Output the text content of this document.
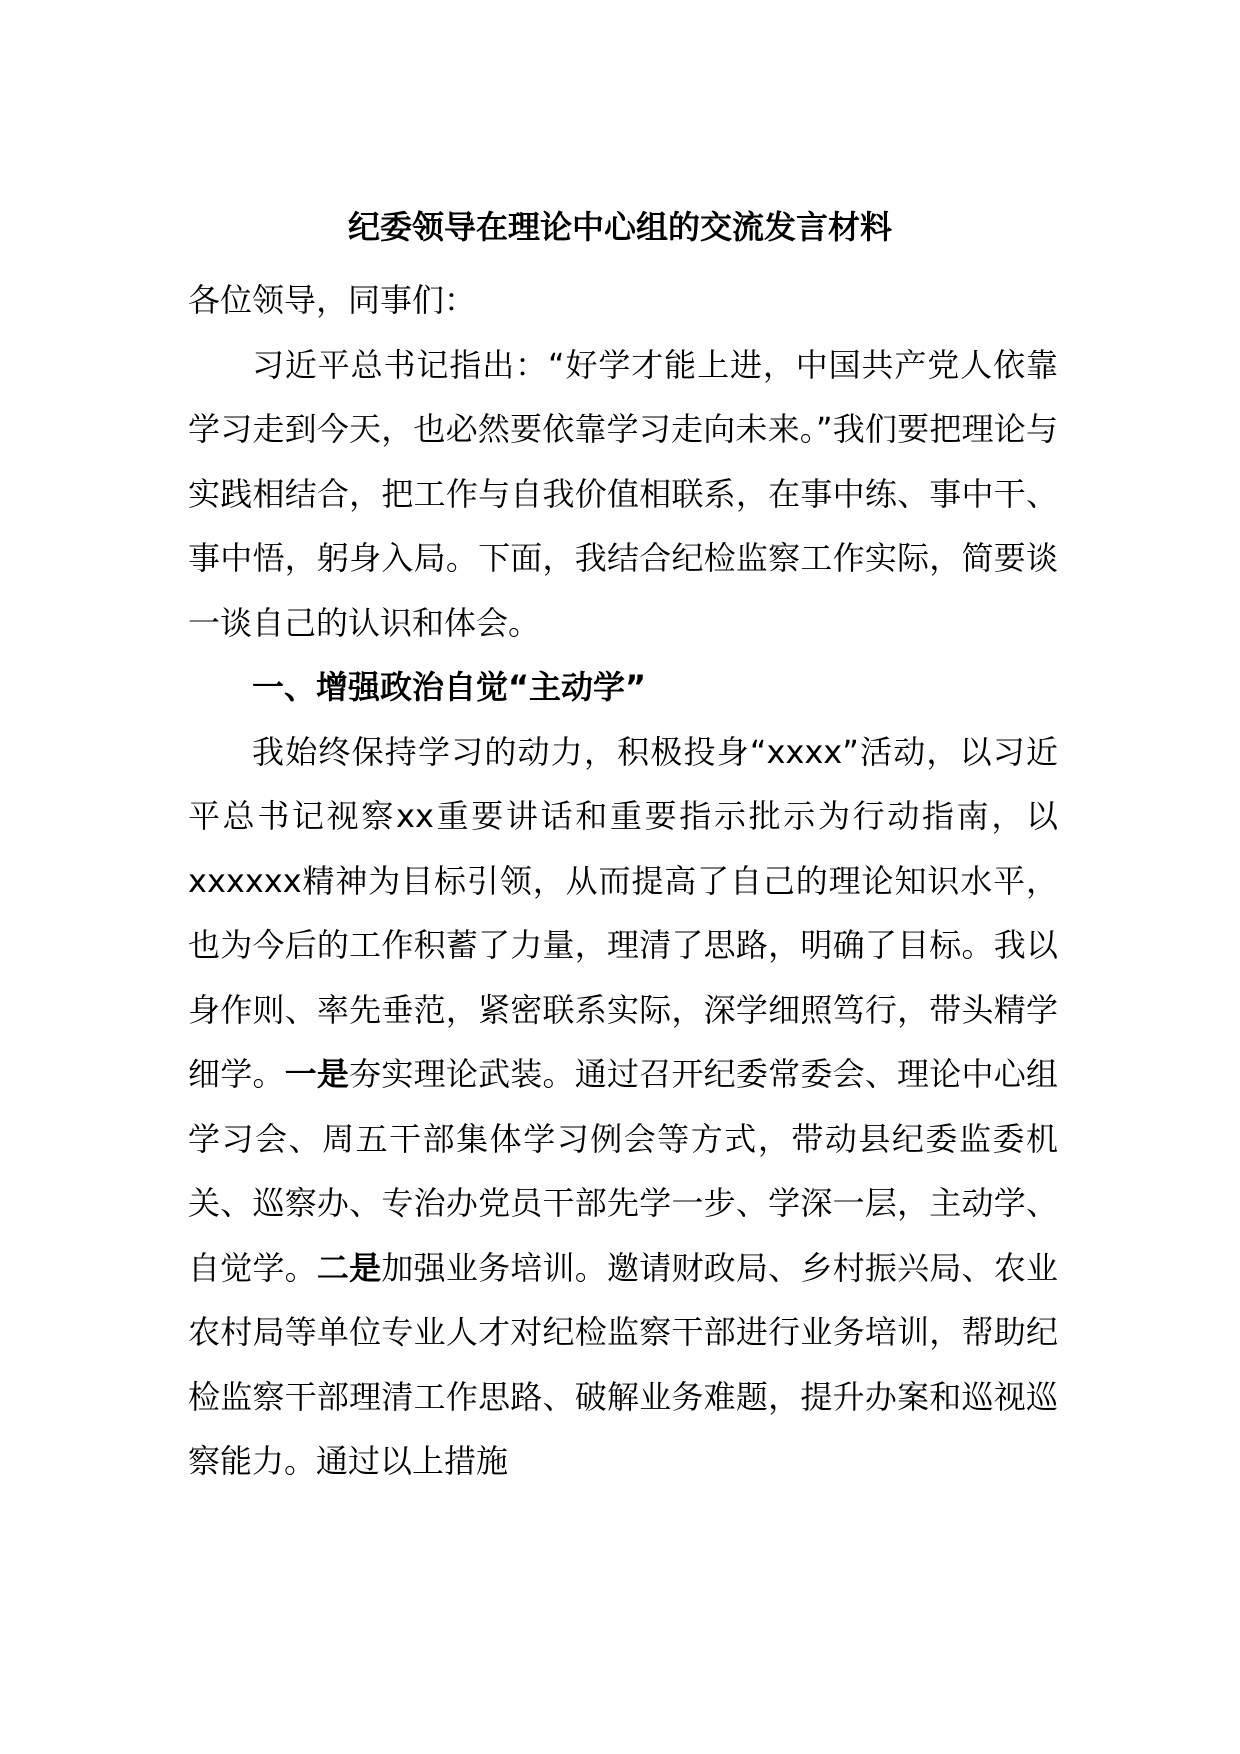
纪委领导在理论中心组的交流发言材料

各位领导，同事们：

习近平总书记指出：“好学才能上进，中国共产党人依靠学习走到今天，也必然要依靠学习走向未来。”我们要把理论与实践相结合，把工作与自我价值相联系，在事中练、事中干、事中悟，躬身入局。下面，我结合纪检监察工作实际，简要谈一谈自己的认识和体会。

一、增强政治自觉“主动学”

我始终保持学习的动力，积极投身“xxxx”活动，以习近平总书记视察xx重要讲话和重要指示批示为行动指南，以xxxxxx精神为目标引领，从而提高了自己的理论知识水平，也为今后的工作积蓄了力量，理清了思路，明确了目标。我以身作则、率先垂范，紧密联系实际，深学细照笃行，带头精学细学。一是夯实理论武装。通过召开纪委常委会、理论中心组学习会、周五干部集体学习例会等方式，带动县纪委监委机关、巡察办、专治办党员干部先学一步、学深一层，主动学、自觉学。二是加强业务培训。邀请财政局、乡村振兴局、农业农村局等单位专业人才对纪检监察干部进行业务培训，帮助纪检监察干部理清工作思路、破解业务难题，提升办案和巡视巡察能力。通过以上措施
